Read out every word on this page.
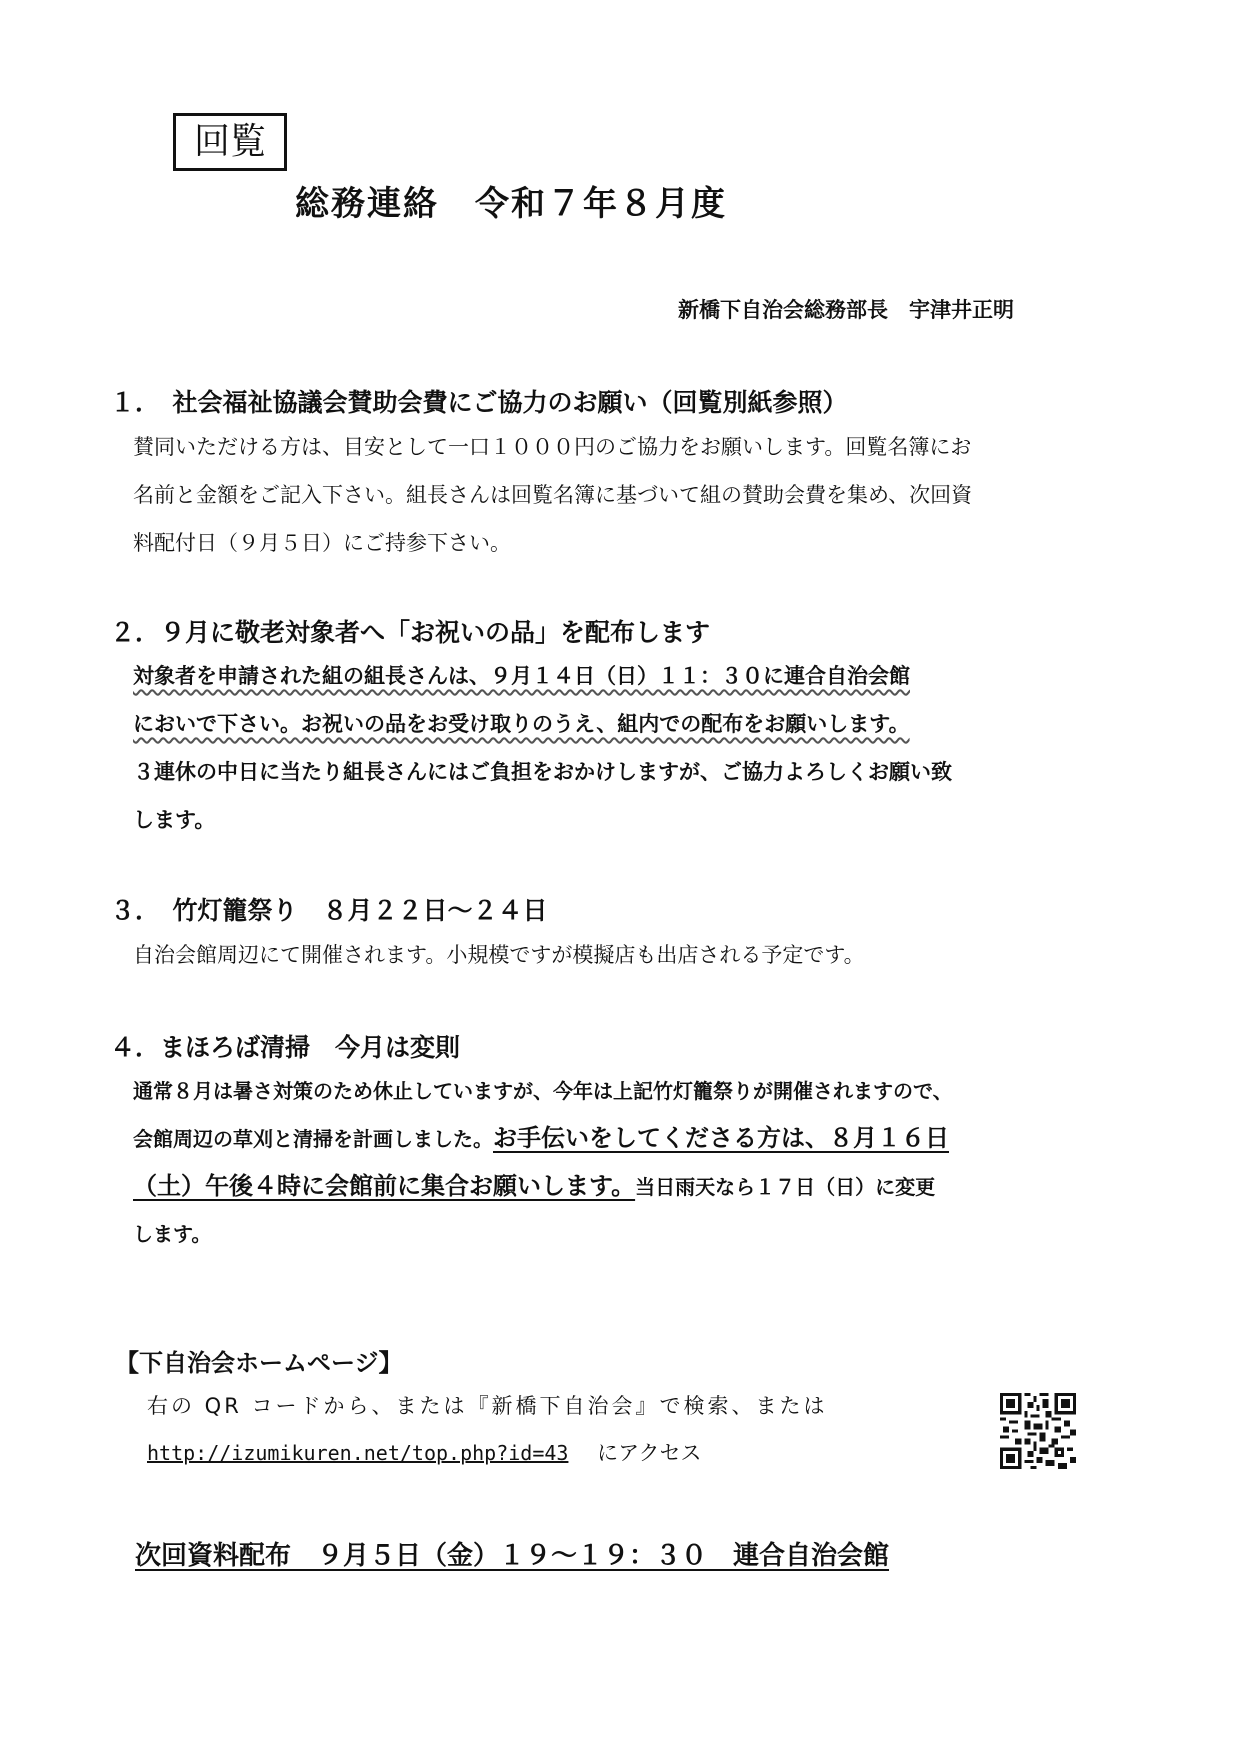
回覧
総務連絡　令和７年８月度
新橋下自治会総務部長　宇津井正明
１．　社会福祉協議会賛助会費にご協力のお願い（回覧別紙参照）
賛同いただける方は、目安として一口１０００円のご協力をお願いします。回覧名簿にお
名前と金額をご記入下さい。組長さんは回覧名簿に基づいて組の賛助会費を集め、次回資
料配付日（９月５日）にご持参下さい。
２．９月に敬老対象者へ「お祝いの品」を配布します
対象者を申請された組の組長さんは、９月１４日（日）１１：３０に連合自治会館
においで下さい。お祝いの品をお受け取りのうえ、組内での配布をお願いします。
３連休の中日に当たり組長さんにはご負担をおかけしますが、ご協力よろしくお願い致
します。
３．　竹灯籠祭り　８月２２日～２４日
自治会館周辺にて開催されます。小規模ですが模擬店も出店される予定です。
４．まほろば清掃　今月は変則
通常８月は暑さ対策のため休止していますが、今年は上記竹灯籠祭りが開催されますので、
会館周辺の草刈と清掃を計画しました。お手伝いをしてくださる方は、８月１６日
（土）午後４時に会館前に集合お願いします。当日雨天なら１７日（日）に変更
します。
【下自治会ホームページ】
右の QR コードから、または『新橋下自治会』で検索、または
http://izumikuren.net/top.php?id=43 にアクセス
次回資料配布　９月５日（金）１９～１９：３０　連合自治会館
